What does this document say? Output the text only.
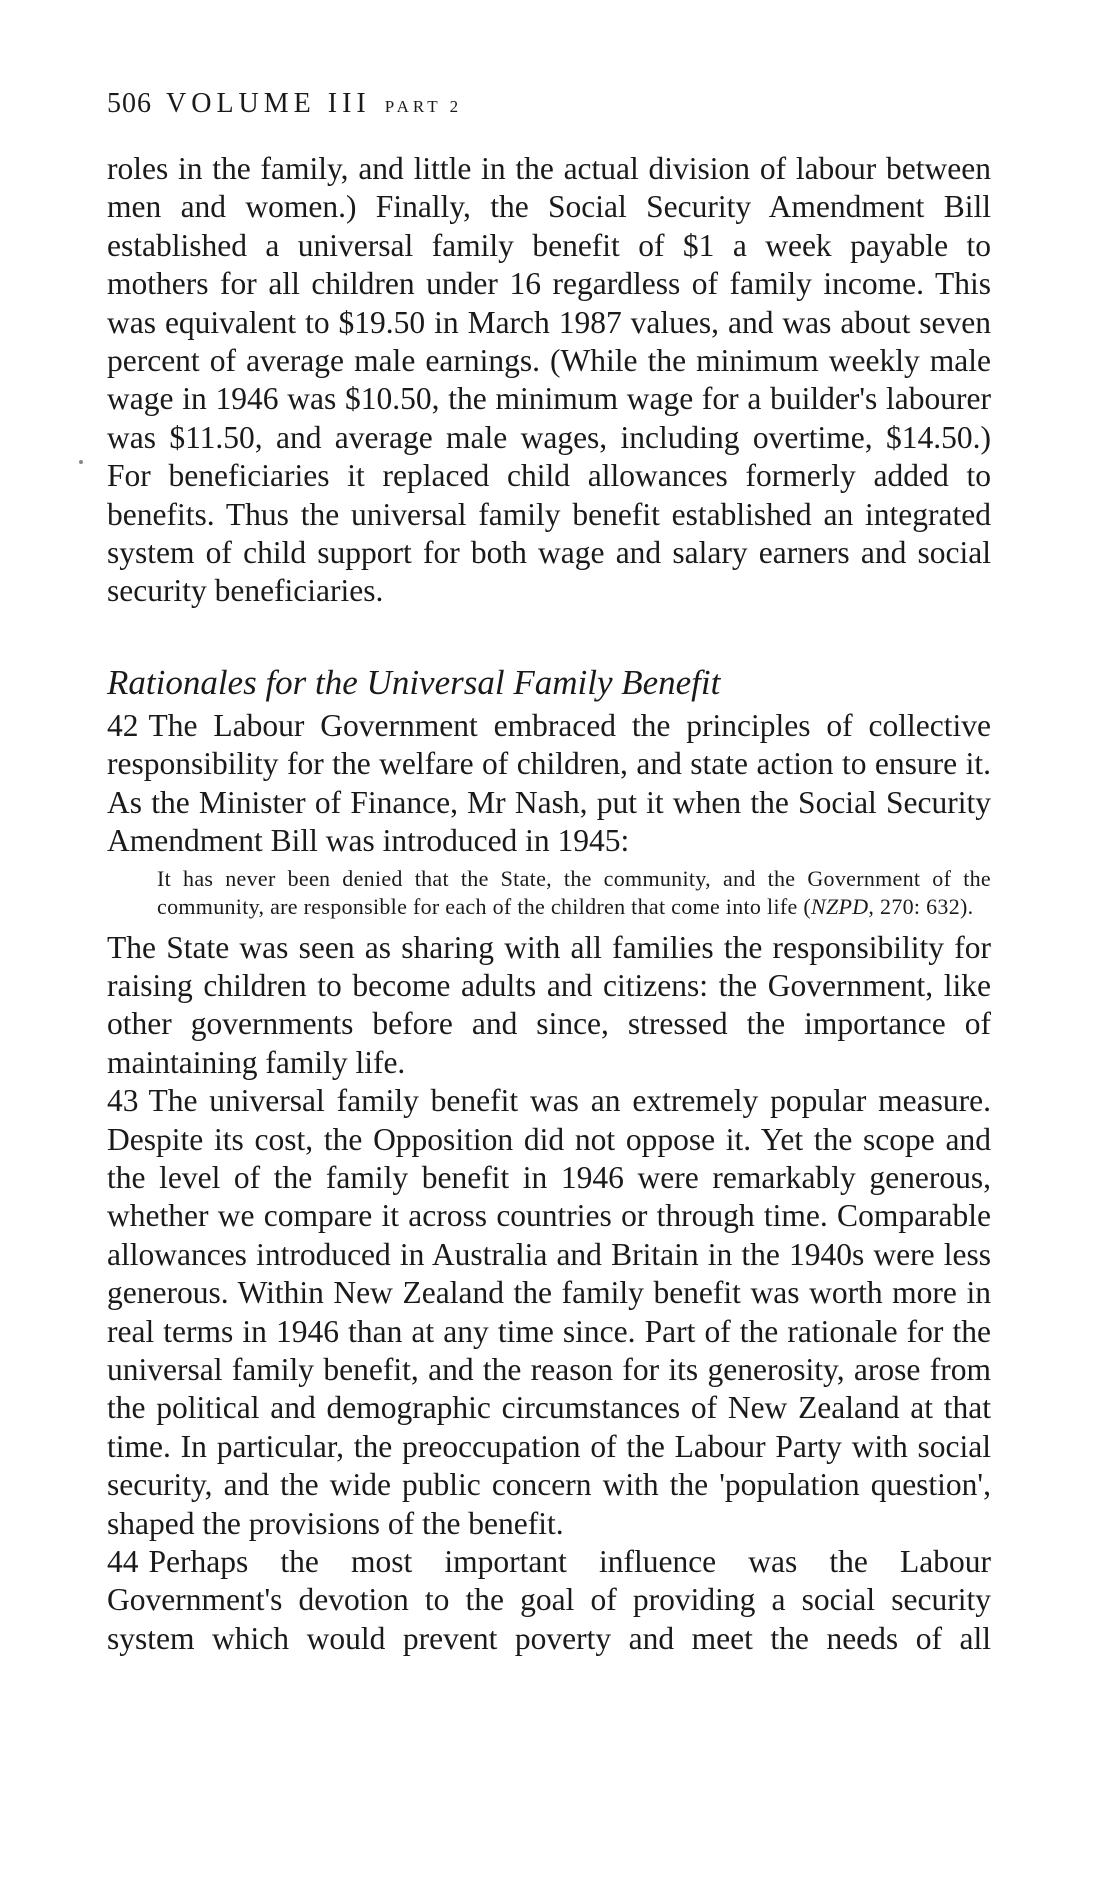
506 VOLUME III PART 2

roles in the family, and little in the actual division of labour between men and women.) Finally, the Social Security Amendment Bill established a universal family benefit of $1 a week payable to mothers for all children under 16 regardless of family income. This was equivalent to $19.50 in March 1987 values, and was about seven percent of average male earnings. (While the minimum weekly male wage in 1946 was $10.50, the minimum wage for a builder's labourer was $11.50, and average male wages, including overtime, $14.50.) For beneficiaries it replaced child allowances formerly added to benefits. Thus the universal family benefit established an integrated system of child support for both wage and salary earners and social security beneficiaries.

Rationales for the Universal Family Benefit

42 The Labour Government embraced the principles of collective responsibility for the welfare of children, and state action to ensure it. As the Minister of Finance, Mr Nash, put it when the Social Security Amendment Bill was introduced in 1945:

It has never been denied that the State, the community, and the Government of the community, are responsible for each of the children that come into life (NZPD, 270: 632).

The State was seen as sharing with all families the responsibility for raising children to become adults and citizens: the Government, like other governments before and since, stressed the importance of maintaining family life.

43 The universal family benefit was an extremely popular measure. Despite its cost, the Opposition did not oppose it. Yet the scope and the level of the family benefit in 1946 were remarkably generous, whether we compare it across countries or through time. Comparable allowances introduced in Australia and Britain in the 1940s were less generous. Within New Zealand the family benefit was worth more in real terms in 1946 than at any time since. Part of the rationale for the universal family benefit, and the reason for its generosity, arose from the political and demographic circumstances of New Zealand at that time. In particular, the preoccupation of the Labour Party with social security, and the wide public concern with the 'population question', shaped the provisions of the benefit.

44 Perhaps the most important influence was the Labour Government's devotion to the goal of providing a social security system which would prevent poverty and meet the needs of all
